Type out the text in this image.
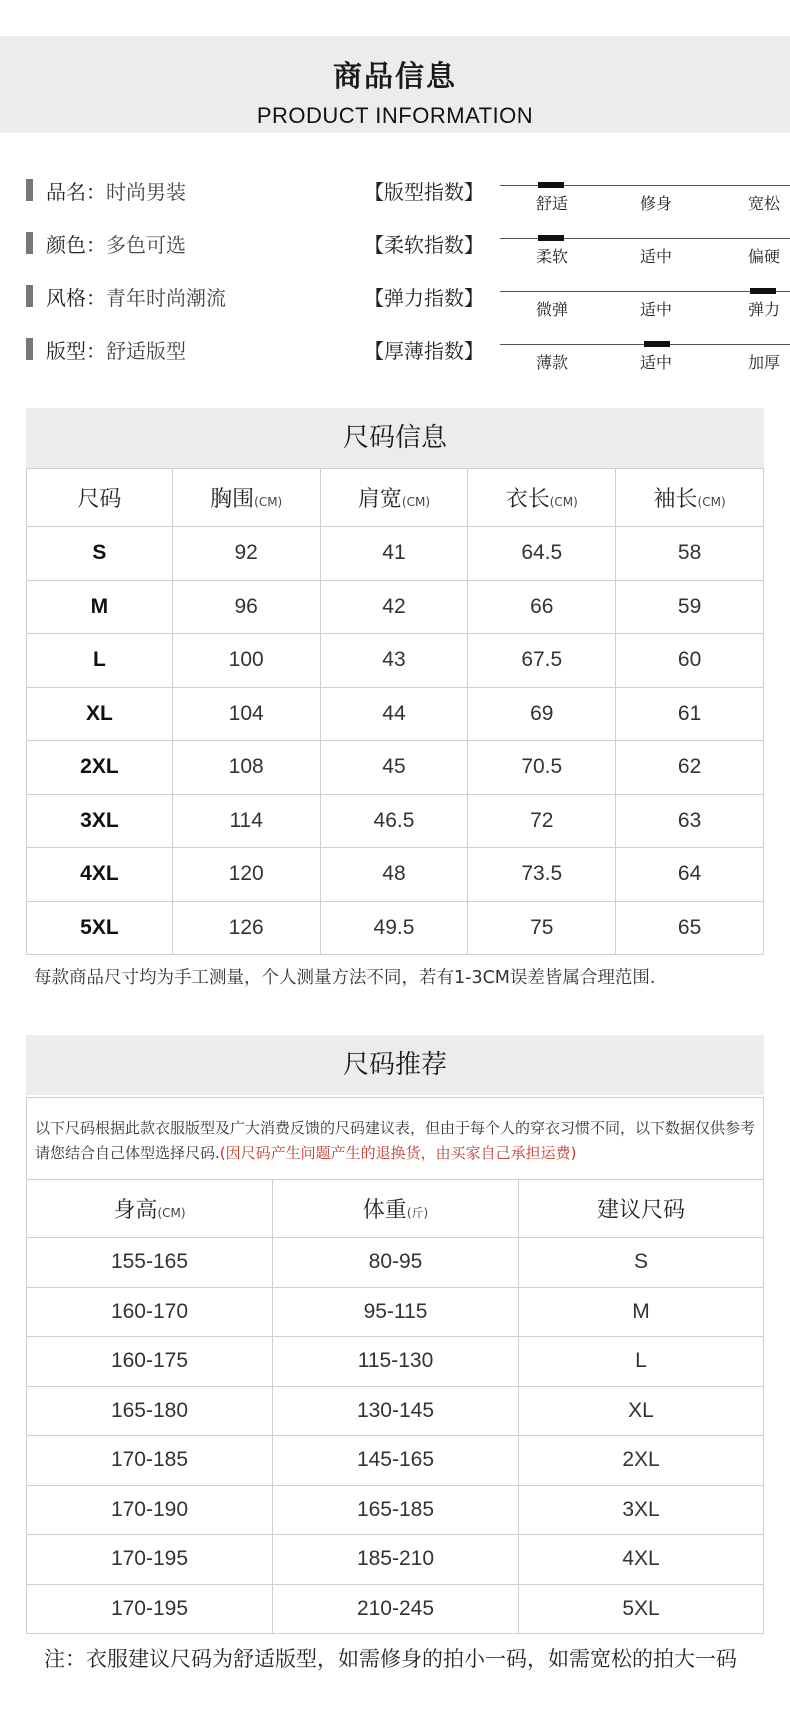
商品信息
PRODUCT INFORMATION
品名：时尚男装	【版型指数】	舒适	修身	宽松
颜色：多色可选	【柔软指数】	柔软	适中	偏硬
风格：青年时尚潮流	【弹力指数】	微弹	适中	弹力
版型：舒适版型	【厚薄指数】	薄款	适中	加厚
尺码信息
尺码	胸围(CM)	肩宽(CM)	衣长(CM)	袖长(CM)
S	92	41	64.5	58
M	96	42	66	59
L	100	43	67.5	60
XL	104	44	69	61
2XL	108	45	70.5	62
3XL	114	46.5	72	63
4XL	120	48	73.5	64
5XL	126	49.5	75	65
每款商品尺寸均为手工测量，个人测量方法不同，若有1-3CM误差皆属合理范围.
尺码推荐
以下尺码根据此款衣服版型及广大消费反馈的尺码建议表，但由于每个人的穿衣习惯不同，以下数据仅供参考请您结合自己体型选择尺码.(因尺码产生问题产生的退换货，由买家自己承担运费)
身高(CM)	体重(斤)	建议尺码
155-165	80-95	S
160-170	95-115	M
160-175	115-130	L
165-180	130-145	XL
170-185	145-165	2XL
170-190	165-185	3XL
170-195	185-210	4XL
170-195	210-245	5XL
注：衣服建议尺码为舒适版型，如需修身的拍小一码，如需宽松的拍大一码
